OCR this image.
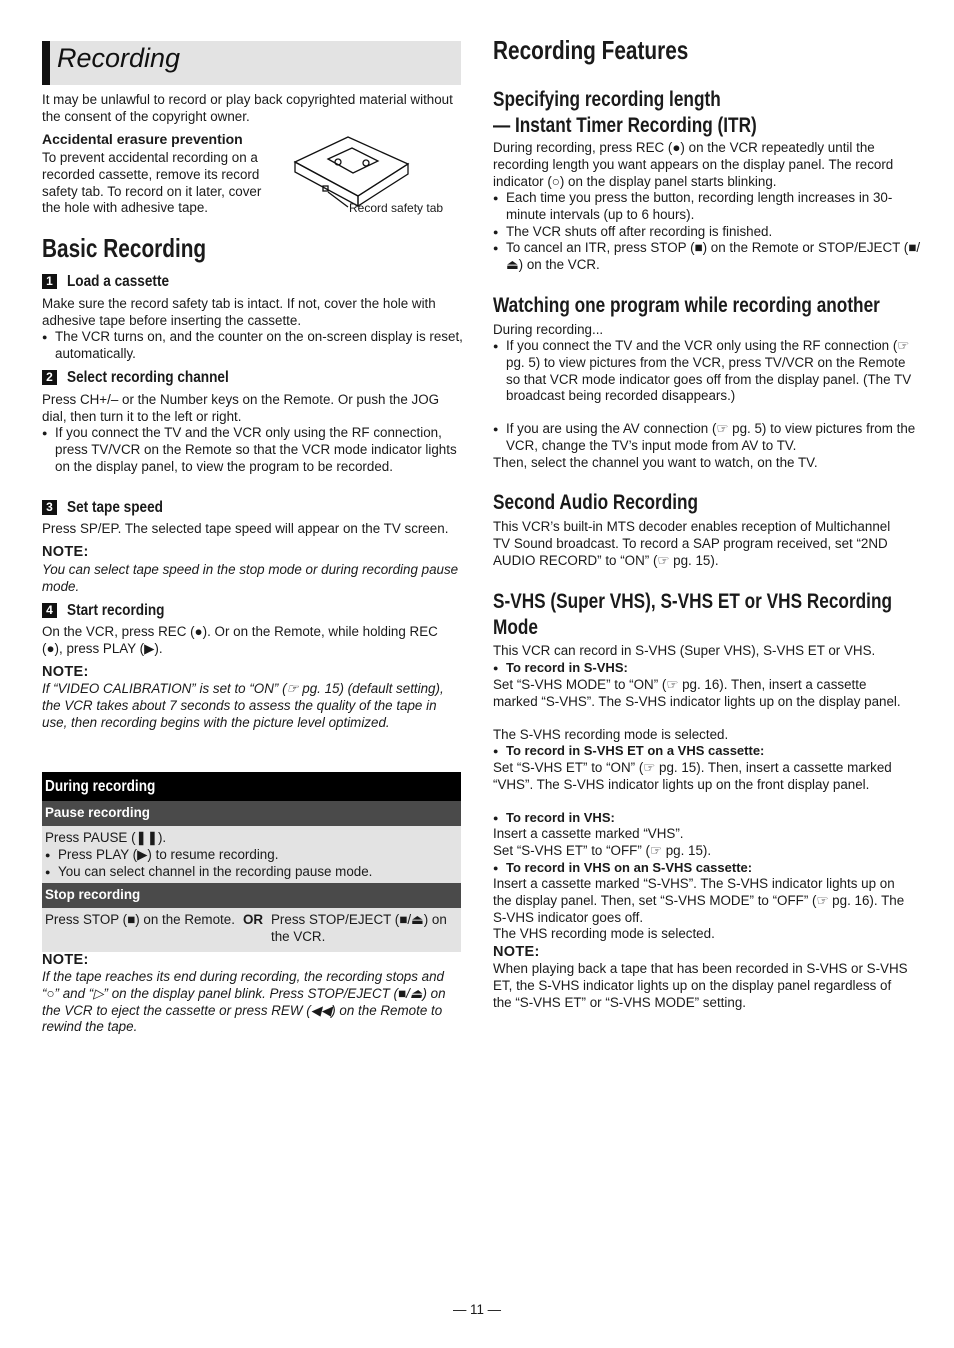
Recording

It may be unlawful to record or play back copyrighted material without the consent of the copyright owner.

Accidental erasure prevention

To prevent accidental recording on a recorded cassette, remove its record safety tab. To record on it later, cover the hole with adhesive tape.	Record safety tab

Basic Recording
1 Load a cassette

Make sure the record safety tab is intact. If not, cover the hole with adhesive tape before inserting the cassette.

● The VCR turns on, and the counter on the on-screen display is reset, automatically.

2 Select recording channel

Press CH+/– or the Number keys on the Remote. Or push the JOG dial, then turn it to the left or right.

● If you connect the TV and the VCR only using the RF connection, press TV/VCR on the Remote so that the VCR mode indicator lights on the display panel, to view the program to be recorded.

3 Set tape speed

Press SP/EP. The selected tape speed will appear on the TV screen.

NOTE:

You can select tape speed in the stop mode or during recording pause mode.

4 Start recording

On the VCR, press REC (●). Or on the Remote, while holding REC (●), press PLAY (▶).

NOTE:

If “VIDEO CALIBRATION” is set to “ON” (☞ pg. 15) (default setting), the VCR takes about 7 seconds to assess the quality of the tape in use, then recording begins with the picture level optimized.

During recording
Pause recording

Press PAUSE (❚❚).

● Press PLAY (▶) to resume recording.

● You can select channel in the recording pause mode.

Stop recording

Press STOP (■) on the Remote. OR Press STOP/EJECT (■/⏏) on the VCR.

NOTE:

If the tape reaches its end during recording, the recording stops and “○” and “▷” on the display panel blink. Press STOP/EJECT (■/⏏) on the VCR to eject the cassette or press REW (◀◀) on the Remote to rewind the tape.

Recording Features
Specifying recording length
— Instant Timer Recording (ITR)

During recording, press REC (●) on the VCR repeatedly until the recording length you want appears on the display panel. The record indicator (○) on the display panel starts blinking.

● Each time you press the button, recording length increases in 30-minute intervals (up to 6 hours).

● The VCR shuts off after recording is finished.

● To cancel an ITR, press STOP (■) on the Remote or STOP/EJECT (■/⏏) on the VCR.

Watching one program while recording another

During recording...

● If you connect the TV and the VCR only using the RF connection (☞ pg. 5) to view pictures from the VCR, press TV/VCR on the Remote so that VCR mode indicator goes off from the display panel. (The TV broadcast being recorded disappears.)

● If you are using the AV connection (☞ pg. 5) to view pictures from the VCR, change the TV’s input mode from AV to TV.

Then, select the channel you want to watch, on the TV.

Second Audio Recording

This VCR’s built-in MTS decoder enables reception of Multichannel TV Sound broadcast. To record a SAP program received, set “2ND AUDIO RECORD” to “ON” (☞ pg. 15).

S-VHS (Super VHS), S-VHS ET or VHS Recording
Mode

This VCR can record in S-VHS (Super VHS), S-VHS ET or VHS.

● To record in S-VHS:

Set “S-VHS MODE” to “ON” (☞ pg. 16). Then, insert a cassette marked “S-VHS”. The S-VHS indicator lights up on the display panel.

The S-VHS recording mode is selected.

● To record in S-VHS ET on a VHS cassette:

Set “S-VHS ET” to “ON” (☞ pg. 15). Then, insert a cassette marked “VHS”. The S-VHS indicator lights up on the front display panel.

● To record in VHS:

Insert a cassette marked “VHS”.

Set “S-VHS ET” to “OFF” (☞ pg. 15).

● To record in VHS on an S-VHS cassette:

Insert a cassette marked “S-VHS”. The S-VHS indicator lights up on the display panel. Then, set “S-VHS MODE” to “OFF” (☞ pg. 16). The S-VHS indicator goes off.

The VHS recording mode is selected.

NOTE:

When playing back a tape that has been recorded in S-VHS or S-VHS ET, the S-VHS indicator lights up on the display panel regardless of the “S-VHS ET” or “S-VHS MODE” setting.

— 11 —
